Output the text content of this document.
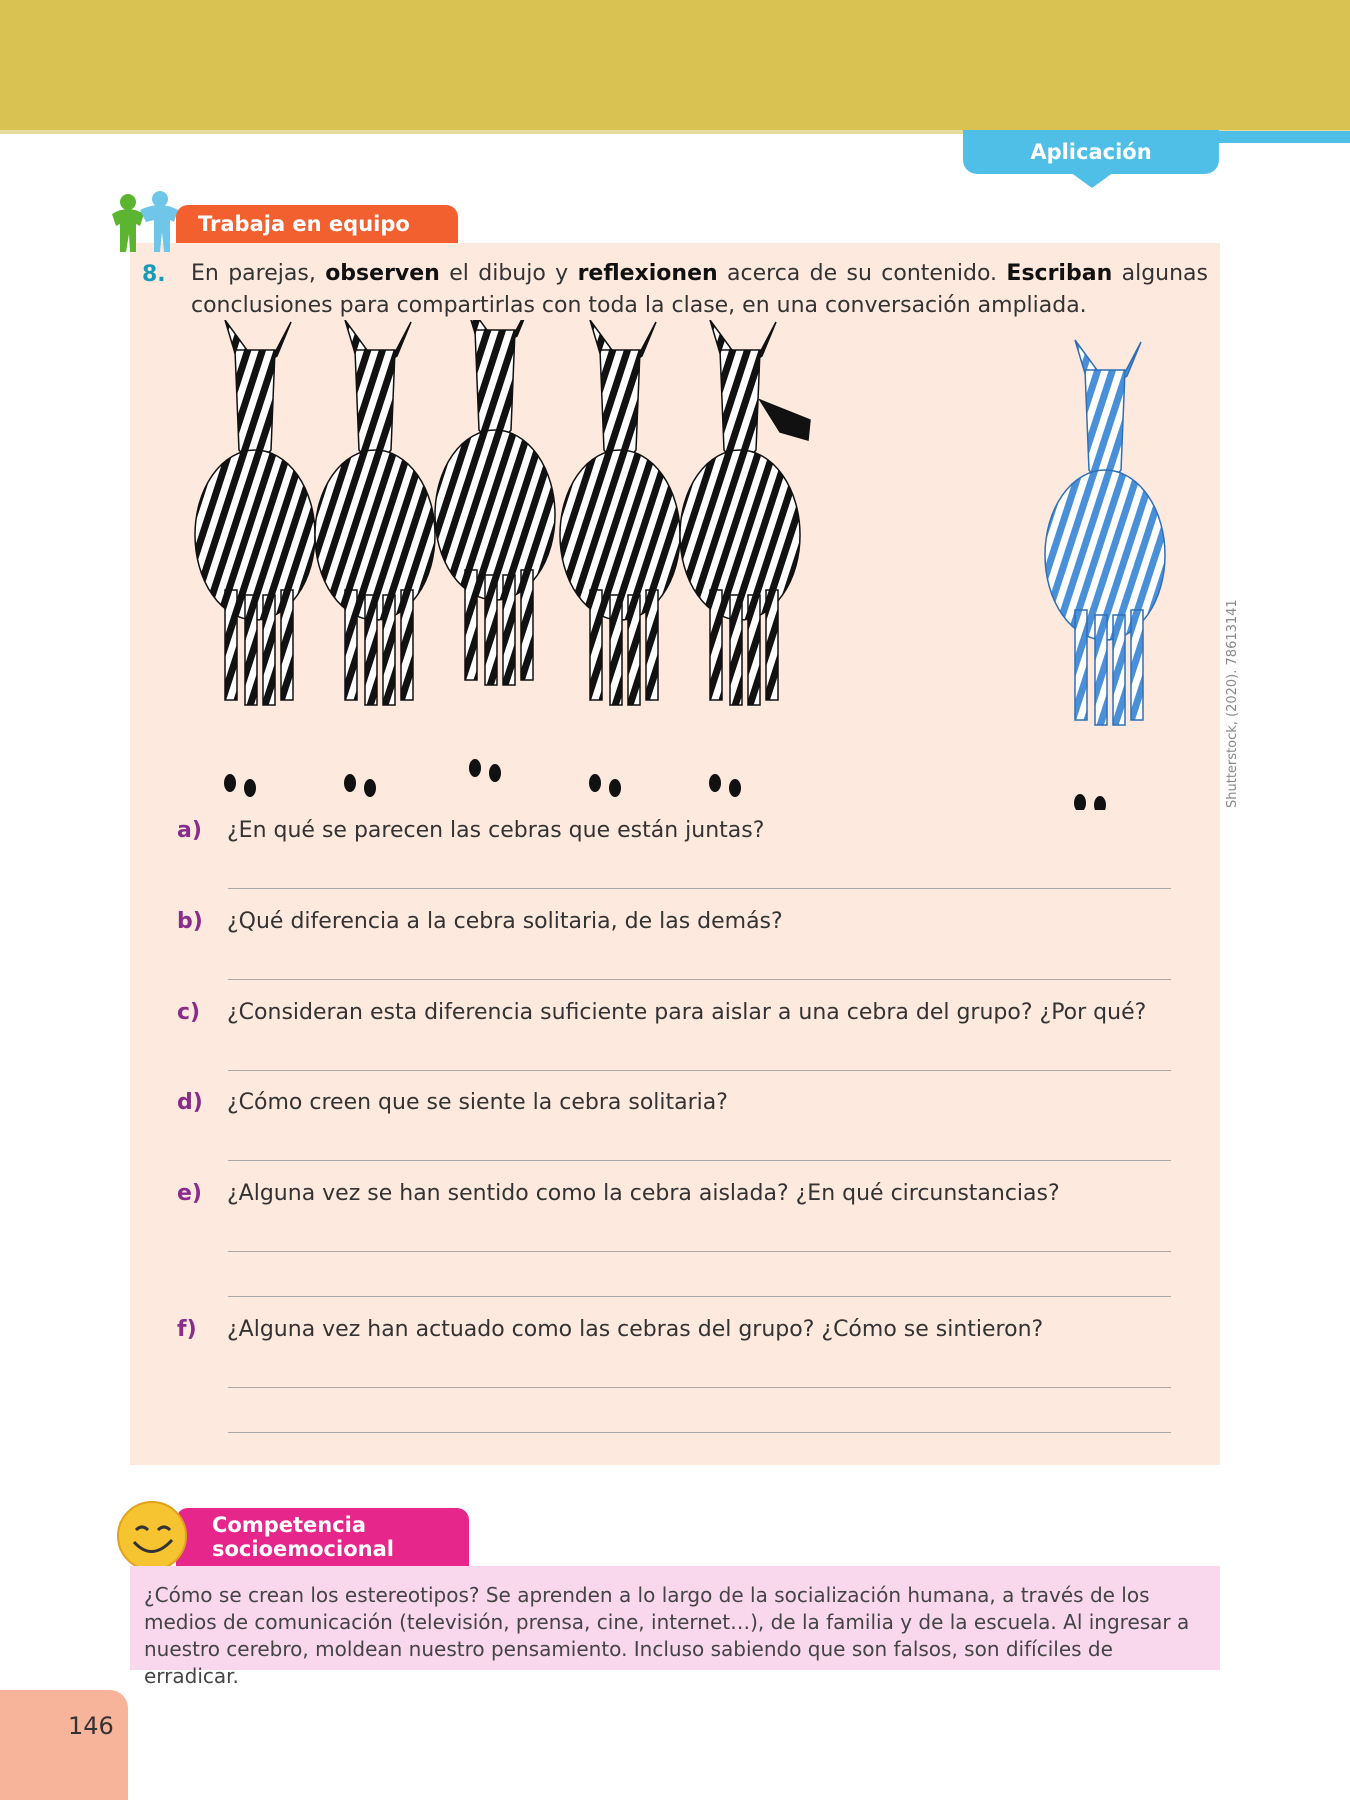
Aplicación
Trabaja en equipo
8. En parejas, observen el dibujo y reflexionen acerca de su contenido. Escriban algunas conclusiones para compartirlas con toda la clase, en una conversación ampliada.
Shutterstock, (2020). 78613141
a) ¿En qué se parecen las cebras que están juntas?
b) ¿Qué diferencia a la cebra solitaria, de las demás?
c) ¿Consideran esta diferencia suficiente para aislar a una cebra del grupo? ¿Por qué?
d) ¿Cómo creen que se siente la cebra solitaria?
e) ¿Alguna vez se han sentido como la cebra aislada? ¿En qué circunstancias?
f) ¿Alguna vez han actuado como las cebras del grupo? ¿Cómo se sintieron?
Competencia
socioemocional
¿Cómo se crean los estereotipos? Se aprenden a lo largo de la socialización humana, a través de los medios de comunicación (televisión, prensa, cine, internet…), de la familia y de la escuela. Al ingresar a nuestro cerebro, moldean nuestro pensamiento. Incluso sabiendo que son falsos, son difíciles de erradicar.
146
